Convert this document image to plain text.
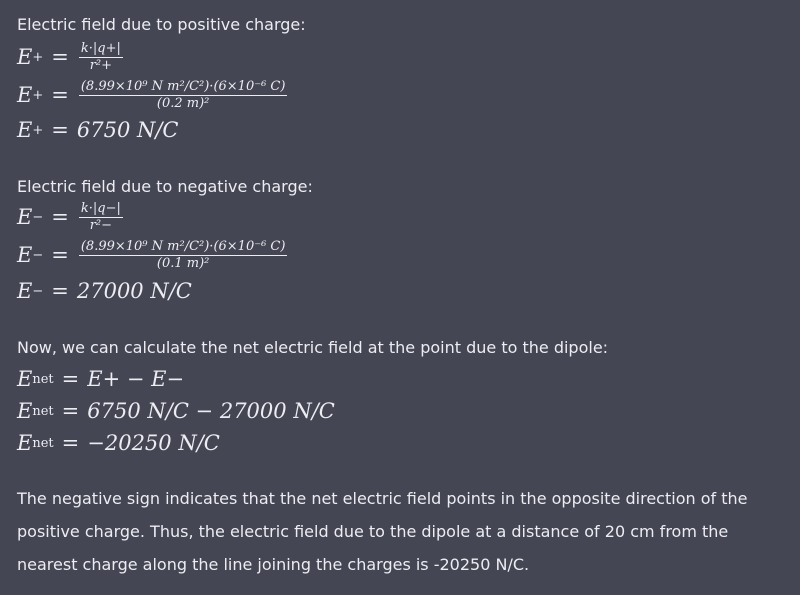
Electric field due to positive charge:
E + = $\frac{k\cdot|q+|}{\text{r²+}}$
E + = $\frac{\text{(8.99×10⁹ N m²/C²)·(6×10⁻⁶ C)}}{\text{(0.2 m)²}}$
E + = 6750 N/C
Electric field due to negative charge:
E − = $\frac{k\cdot|q-|}{\text{r²−}}$
E − = $\frac{\text{(8.99×10⁹ N m²/C²)·(6×10⁻⁶ C)}}{\text{(0.1 m)²}}$
E − = 27000 N/C
Now, we can calculate the net electric field at the point due to the dipole:
E net = E+ − E−
E net = 6750 N/C − 27000 N/C
E net = −20250 N/C
The negative sign indicates that the net electric field points in the opposite direction of the positive charge. Thus, the electric field due to the dipole at a distance of 20 cm from the nearest charge along the line joining the charges is -20250 N/C.
